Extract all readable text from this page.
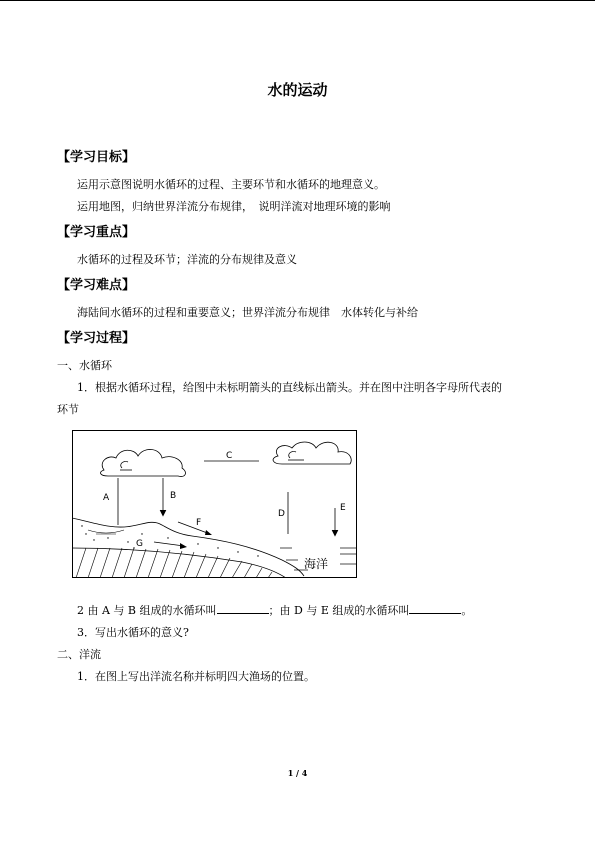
水的运动
【学习目标】
运用示意图说明水循环的过程、主要环节和水循环的地理意义。
运用地图，归纳世界洋流分布规律，　说明洋流对地理环境的影响
【学习重点】
水循环的过程及环节；洋流的分布规律及意义
【学习难点】
海陆间水循环的过程和重要意义；世界洋流分布规律　水体转化与补给
【学习过程】
一、水循环
1．根据水循环过程，给图中未标明箭头的直线标出箭头。并在图中注明各字母所代表的
环节
C
A	B
D
E
F
G
海洋
2 由 A 与 B 组成的水循环叫	；由 D 与 E 组成的水循环叫	。
3．写出水循环的意义?
二、洋流
1．在图上写出洋流名称并标明四大渔场的位置。
1 / 4
